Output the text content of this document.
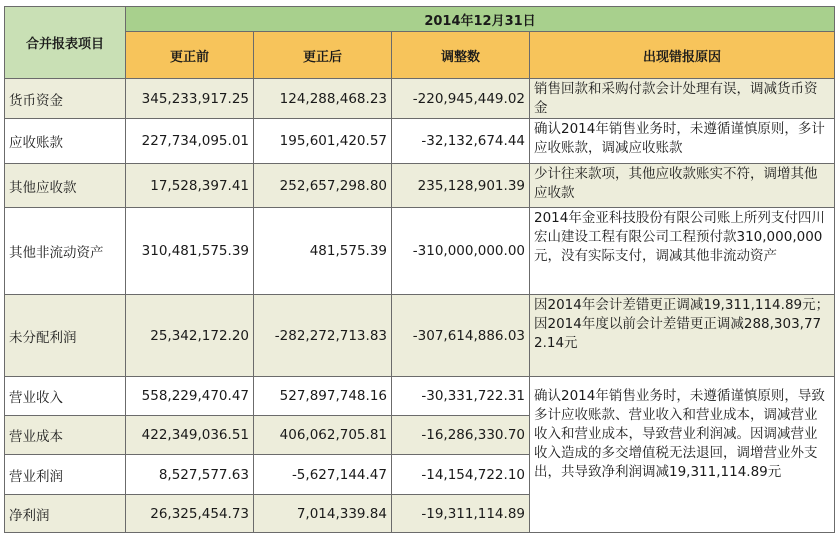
合并报表项目	2014年12月31日			
	更正前	更正后	调整数	出现错报原因
货币资金	345,233,917.25	124,288,468.23	-220,945,449.02	销售回款和采购付款会计处理有误，调减货币资金
应收账款	227,734,095.01	195,601,420.57	-32,132,674.44	确认2014年销售业务时，未遵循谨慎原则，多计应收账款，调减应收账款
其他应收款	17,528,397.41	252,657,298.80	235,128,901.39	少计往来款项，其他应收款账实不符，调增其他应收款
其他非流动资产	310,481,575.39	481,575.39	-310,000,000.00	2014年金亚科技股份有限公司账上所列支付四川宏山建设工程有限公司工程预付款310,000,000元，没有实际支付，调减其他非流动资产
未分配利润	25,342,172.20	-282,272,713.83	-307,614,886.03	因2014年会计差错更正调减19,311,114.89元；因2014年度以前会计差错更正调减288,303,772.14元
营业收入	558,229,470.47	527,897,748.16	-30,331,722.31	确认2014年销售业务时，未遵循谨慎原则，导致多计应收账款、营业收入和营业成本，调减营业收入和营业成本，导致营业利润减。因调减营业收入造成的多交增值税无法退回，调增营业外支出，共导致净利润调减19,311,114.89元
营业成本	422,349,036.51	406,062,705.81	-16,286,330.70	
营业利润	8,527,577.63	-5,627,144.47	-14,154,722.10	
净利润	26,325,454.73	7,014,339.84	-19,311,114.89	
